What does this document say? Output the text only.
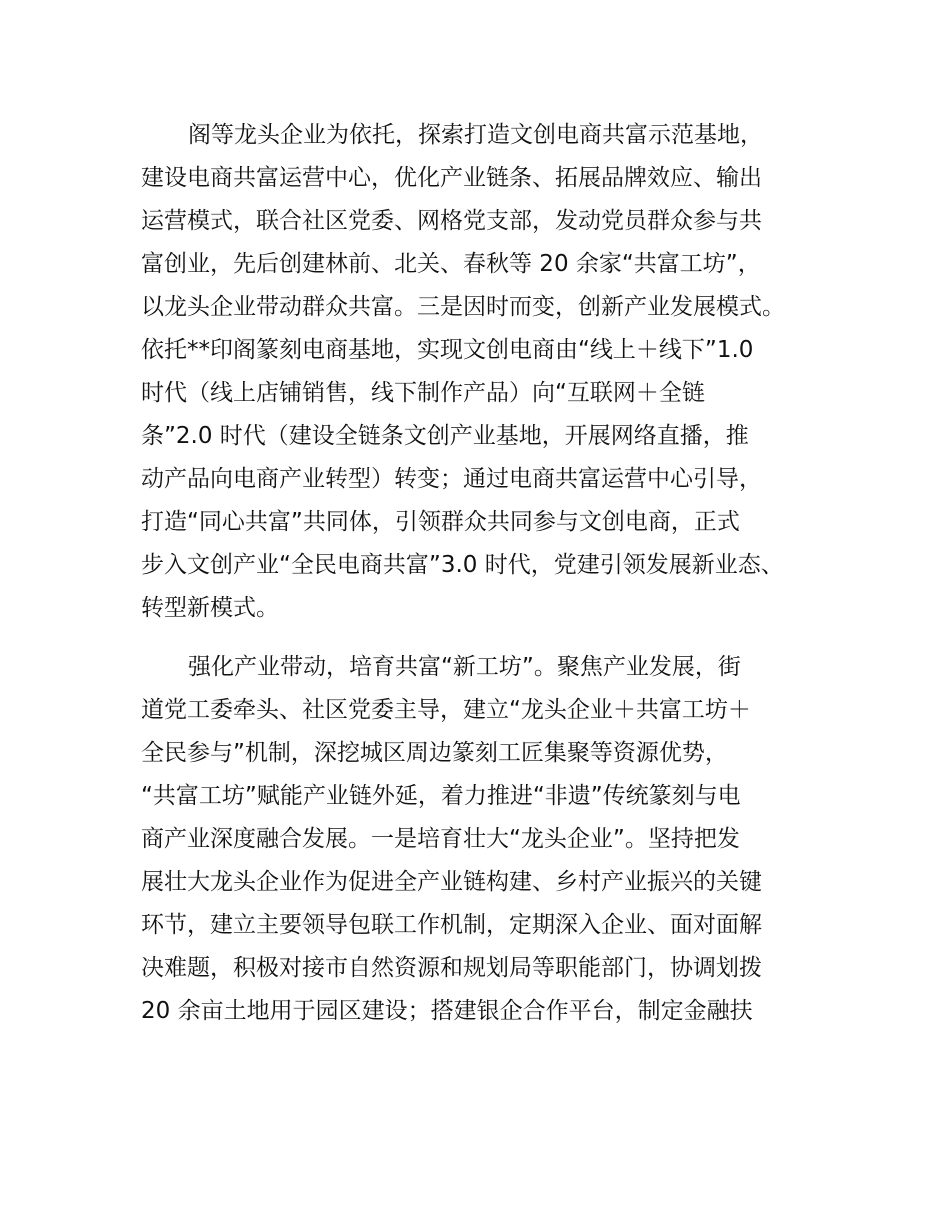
阁等龙头企业为依托，探索打造文创电商共富示范基地，
建设电商共富运营中心，优化产业链条、拓展品牌效应、输出
运营模式，联合社区党委、网格党支部，发动党员群众参与共
富创业，先后创建林前、北关、春秋等 20 余家“共富工坊”，
以龙头企业带动群众共富。三是因时而变，创新产业发展模式。
依托**印阁篆刻电商基地，实现文创电商由“线上＋线下”1.0
时代（线上店铺销售，线下制作产品）向“互联网＋全链
条”2.0 时代（建设全链条文创产业基地，开展网络直播，推
动产品向电商产业转型）转变；通过电商共富运营中心引导，
打造“同心共富”共同体，引领群众共同参与文创电商，正式
步入文创产业“全民电商共富”3.0 时代，党建引领发展新业态、
转型新模式。
强化产业带动，培育共富“新工坊”。聚焦产业发展，街
道党工委牵头、社区党委主导，建立“龙头企业＋共富工坊＋
全民参与”机制，深挖城区周边篆刻工匠集聚等资源优势，
“共富工坊”赋能产业链外延，着力推进“非遗”传统篆刻与电
商产业深度融合发展。一是培育壮大“龙头企业”。坚持把发
展壮大龙头企业作为促进全产业链构建、乡村产业振兴的关键
环节，建立主要领导包联工作机制，定期深入企业、面对面解
决难题，积极对接市自然资源和规划局等职能部门，协调划拨
20 余亩土地用于园区建设；搭建银企合作平台，制定金融扶
